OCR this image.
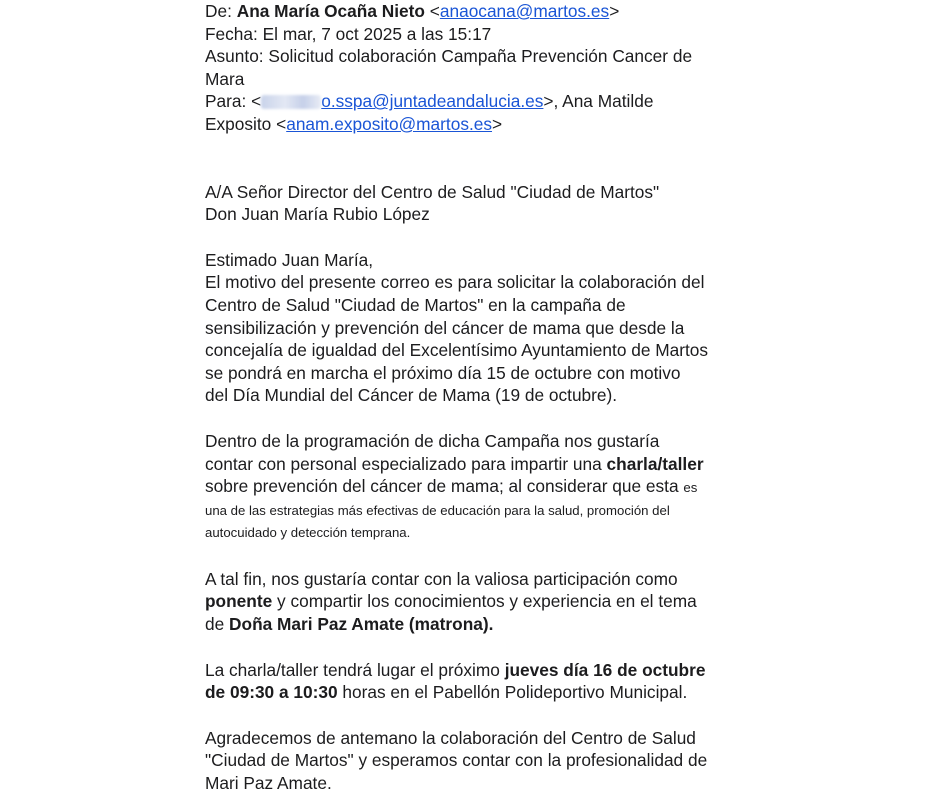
De: Ana María Ocaña Nieto <anaocana@martos.es>
Fecha: El mar, 7 oct 2025 a las 15:17
Asunto: Solicitud colaboración Campaña Prevención Cancer de
Mara
Para: <	o.sspa@juntadeandalucia.es>, Ana Matilde
Exposito <anam.exposito@martos.es>

A/A Señor Director del Centro de Salud "Ciudad de Martos"

Don Juan María Rubio López

Estimado Juan María,

El motivo del presente correo es para solicitar la colaboración del
Centro de Salud "Ciudad de Martos" en la campaña de
sensibilización y prevención del cáncer de mama que desde la
concejalía de igualdad del Excelentísimo Ayuntamiento de Martos
se pondrá en marcha el próximo día 15 de octubre con motivo
del Día Mundial del Cáncer de Mama (19 de octubre).
Dentro de la programación de dicha Campaña nos gustaría
contar con personal especializado para impartir una charla/taller
sobre prevención del cáncer de mama; al considerar que esta es
una de las estrategias más efectivas de educación para la salud, promoción del
autocuidado y detección temprana.
A tal fin, nos gustaría contar con la valiosa participación como
ponente y compartir los conocimientos y experiencia en el tema
de Doña Mari Paz Amate (matrona).
La charla/taller tendrá lugar el próximo jueves día 16 de octubre
de 09:30 a 10:30 horas en el Pabellón Polideportivo Municipal.
Agradecemos de antemano la colaboración del Centro de Salud
"Ciudad de Martos" y esperamos contar con la profesionalidad de
Mari Paz Amate.
